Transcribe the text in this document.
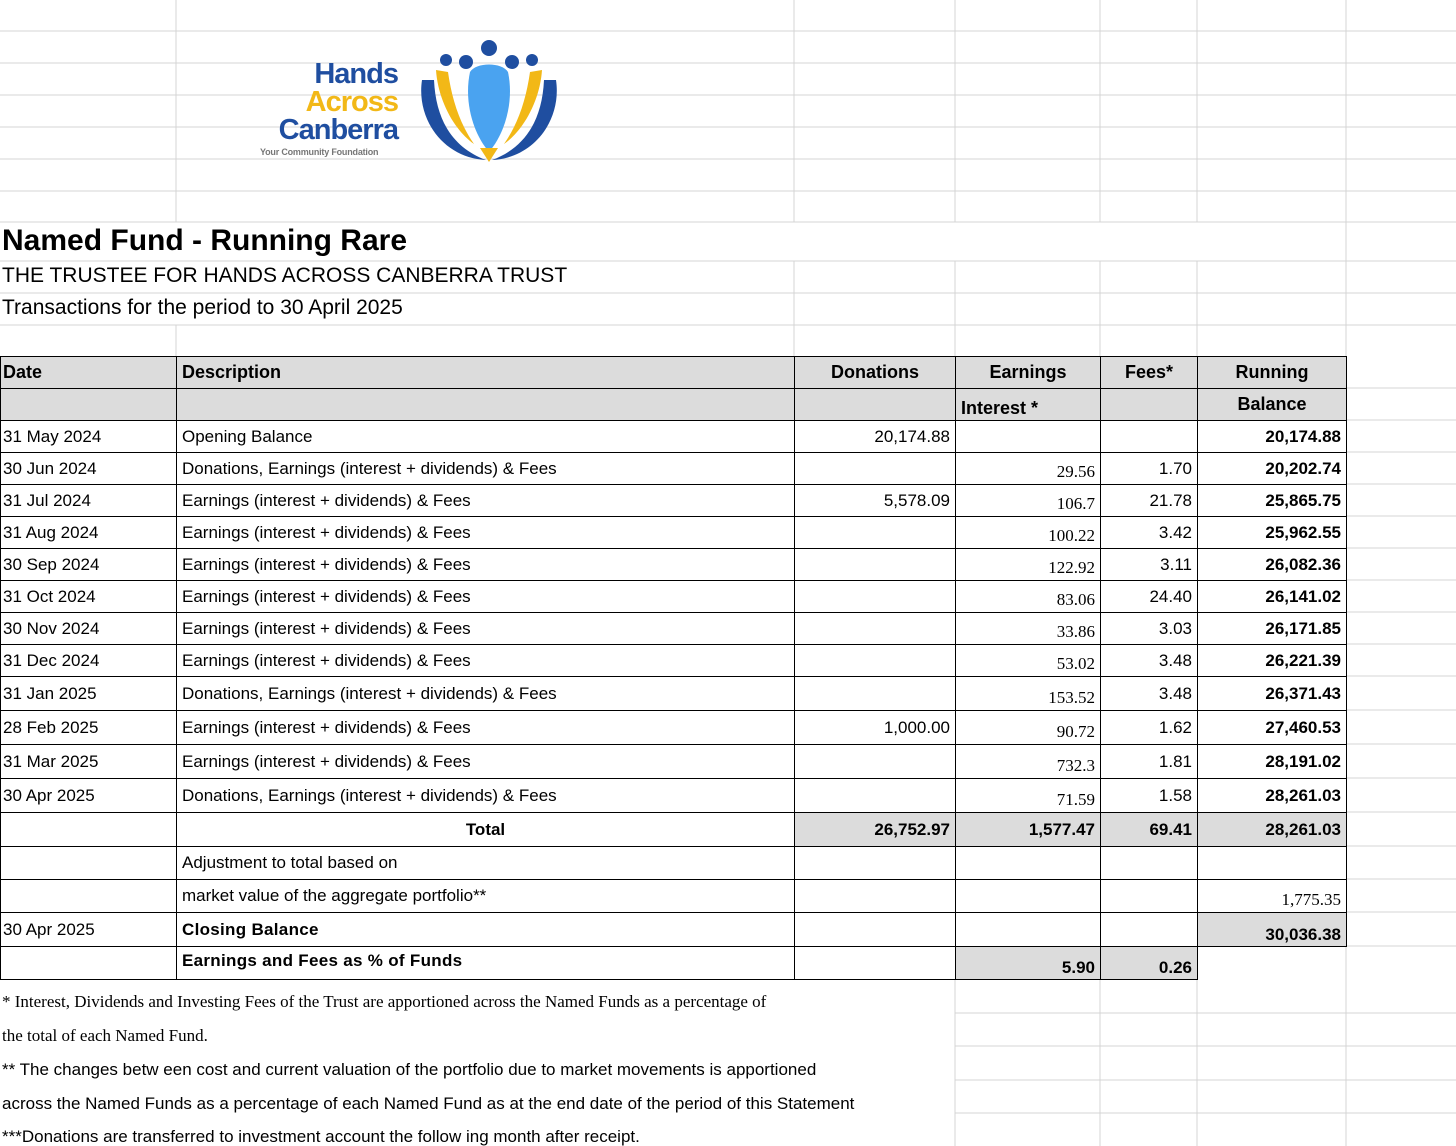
Hands
Across
Canberra
Your Community Foundation
Named Fund - Running Rare
THE TRUSTEE FOR HANDS ACROSS CANBERRA TRUST
Transactions for the period to 30 April 2025
Date	Description	Donations	Earnings	Fees*	Running
			Interest *		Balance
31 May 2024	Opening Balance	20,174.88			20,174.88
30 Jun 2024	Donations, Earnings (interest + dividends) & Fees		29.56	1.70	20,202.74
31 Jul 2024	Earnings (interest + dividends) & Fees	5,578.09	106.7	21.78	25,865.75
31 Aug 2024	Earnings (interest + dividends) & Fees		100.22	3.42	25,962.55
30 Sep 2024	Earnings (interest + dividends) & Fees		122.92	3.11	26,082.36
31 Oct 2024	Earnings (interest + dividends) & Fees		83.06	24.40	26,141.02
30 Nov 2024	Earnings (interest + dividends) & Fees		33.86	3.03	26,171.85
31 Dec 2024	Earnings (interest + dividends) & Fees		53.02	3.48	26,221.39
31 Jan 2025	Donations, Earnings (interest + dividends) & Fees		153.52	3.48	26,371.43
28 Feb 2025	Earnings (interest + dividends) & Fees	1,000.00	90.72	1.62	27,460.53
31 Mar 2025	Earnings (interest + dividends) & Fees		732.3	1.81	28,191.02
30 Apr 2025	Donations, Earnings (interest + dividends) & Fees		71.59	1.58	28,261.03
	Total	26,752.97	1,577.47	69.41	28,261.03
	Adjustment to total based on				
	market value of the aggregate portfolio**				1,775.35
30 Apr 2025	Closing Balance				30,036.38
	Earnings and Fees as % of Funds		5.90	0.26	
* Interest, Dividends and Investing Fees of the Trust are apportioned across the Named Funds as a percentage of
the total of each Named Fund.
** The changes betw een cost and current valuation of the portfolio due to market movements is apportioned
across the Named Funds as a percentage of each Named Fund as at the end date of the period of this Statement
***Donations are transferred to investment account the follow ing month after receipt.
